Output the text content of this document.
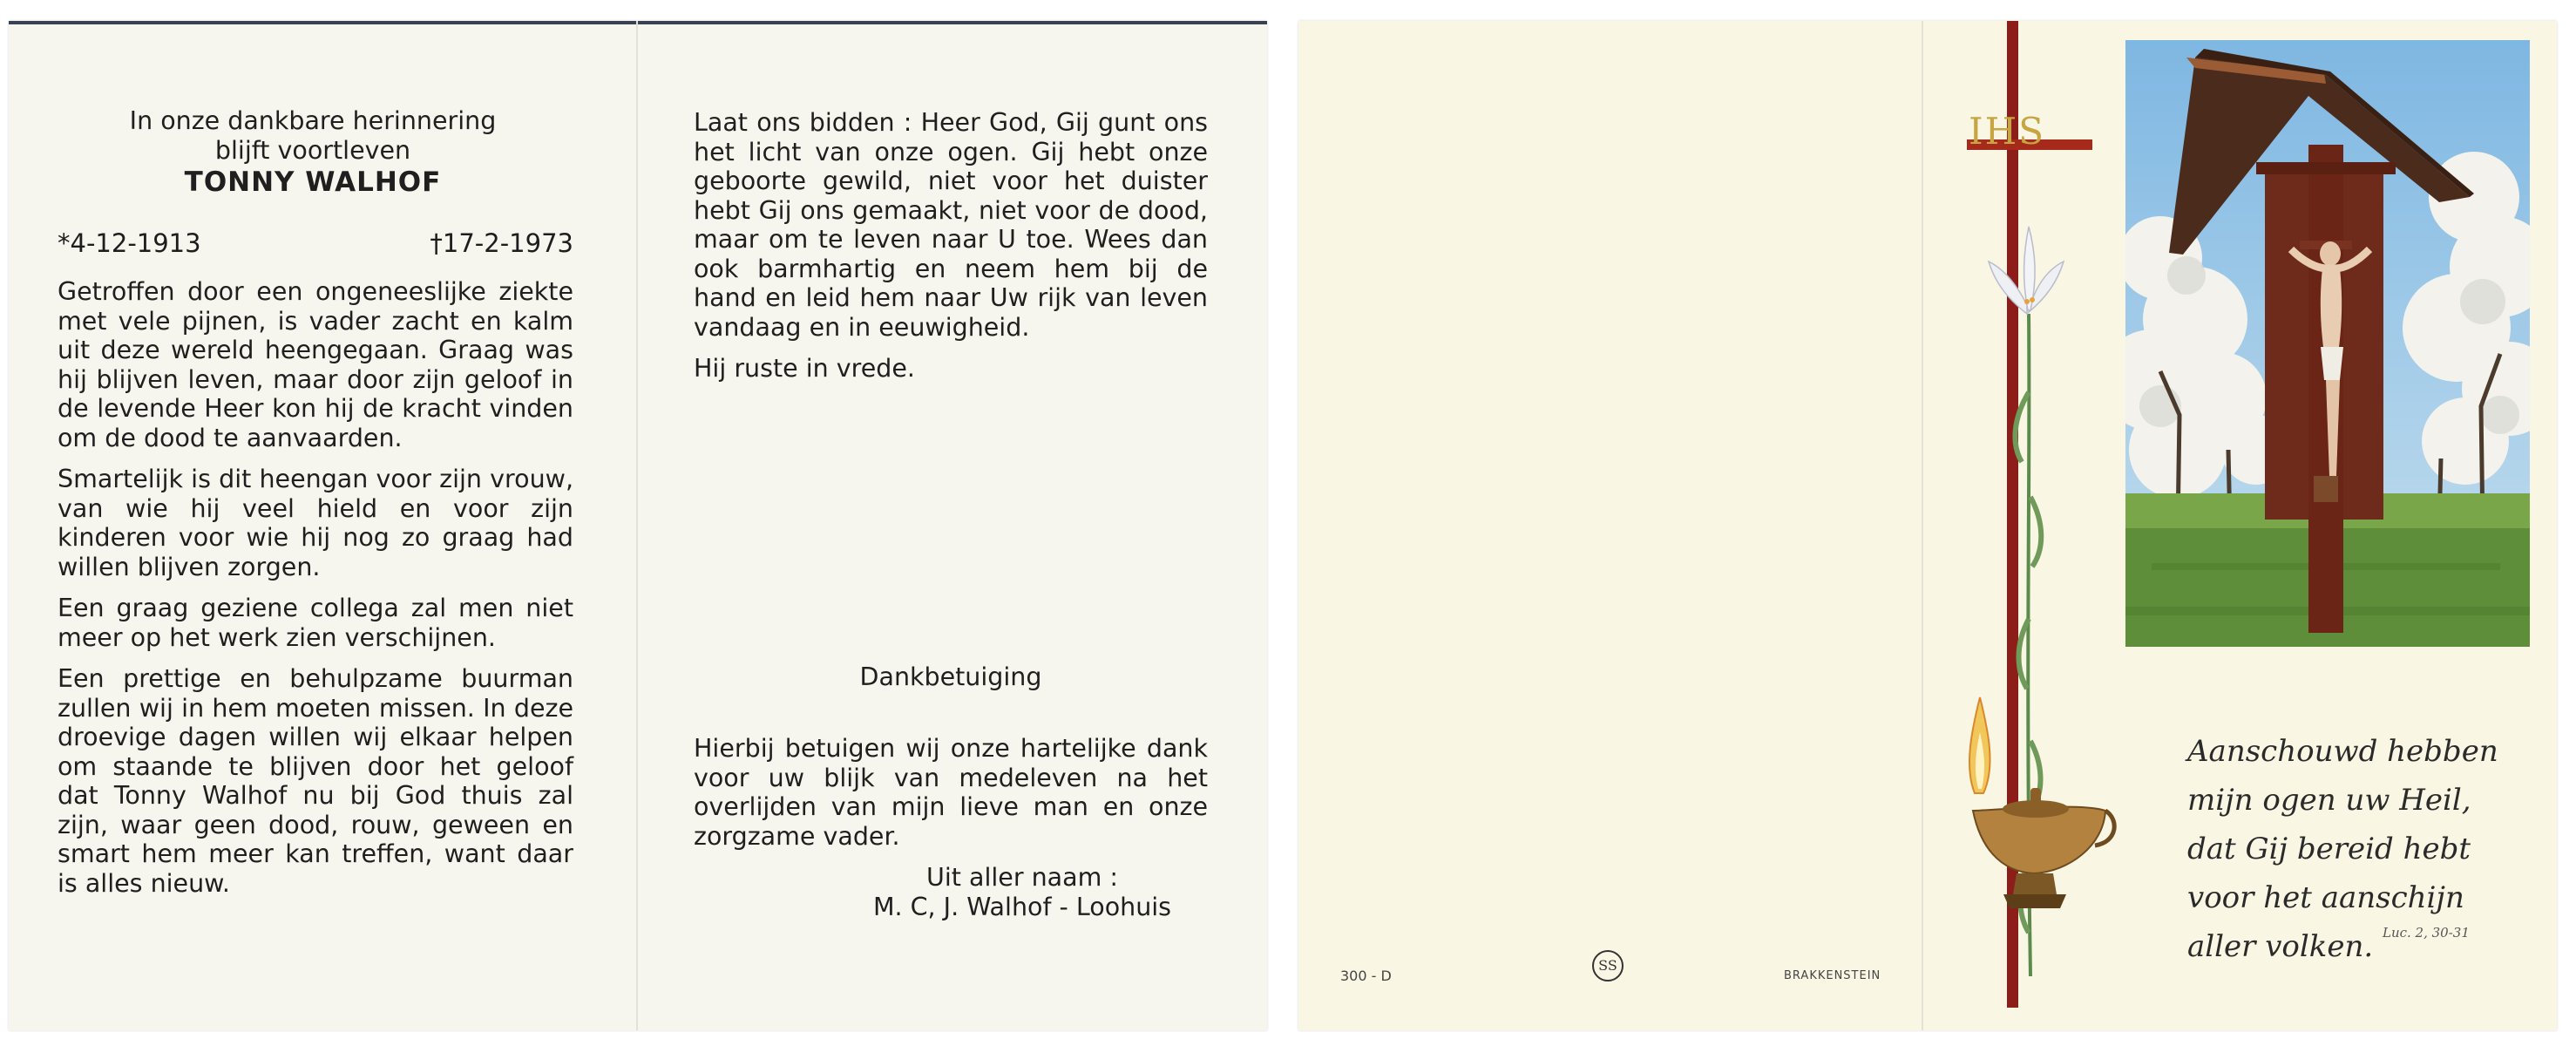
In onze dankbare herinnering

blijft voortleven

TONNY WALHOF

*4-12-1913	†17-2-1973

Getroffen door een ongeneeslijke ziekte met vele pijnen, is vader zacht en kalm uit deze wereld heengegaan. Graag was hij blijven leven, maar door zijn geloof in de levende Heer kon hij de kracht vinden om de dood te aanvaarden.

Smartelijk is dit heengan voor zijn vrouw, van wie hij veel hield en voor zijn kinderen voor wie hij nog zo graag had willen blijven zorgen.

Een graag geziene collega zal men niet meer op het werk zien verschijnen.

Een prettige en behulpzame buurman zullen wij in hem moeten missen. In deze droevige dagen willen wij elkaar helpen om staande te blijven door het geloof dat Tonny Walhof nu bij God thuis zal zijn, waar geen dood, rouw, geween en smart hem meer kan treffen, want daar is alles nieuw.

Laat ons bidden : Heer God, Gij gunt ons het licht van onze ogen. Gij hebt onze geboorte gewild, niet voor het duister hebt Gij ons gemaakt, niet voor de dood, maar om te leven naar U toe. Wees dan ook barmhartig en neem hem bij de hand en leid hem naar Uw rijk van leven vandaag en in eeuwigheid.

Hij ruste in vrede.

Dankbetuiging
Hierbij betuigen wij onze hartelijke dank voor uw blijk van medeleven na het overlijden van mijn lieve man en onze zorgzame vader.

Uit aller naam :

M. C, J. Walhof - Loohuis

300 - D
SS
BRAKKENSTEIN
IHS
Aanschouwd hebben mijn ogen uw Heil, dat Gij bereid hebt voor het aanschijn aller volken. Luc. 2, 30-31
